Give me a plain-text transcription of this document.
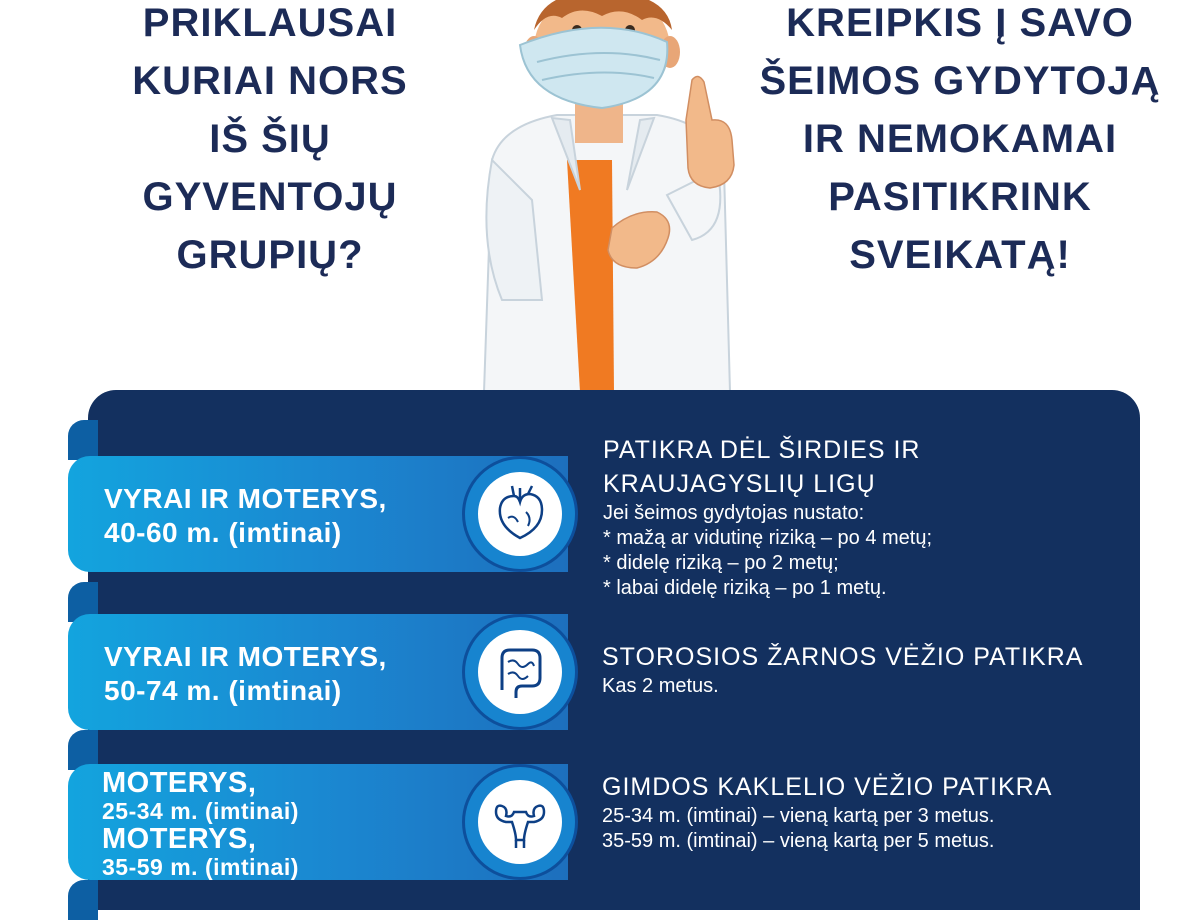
PRIKLAUSAI
KURIAI NORS
IŠ ŠIŲ
GYVENTOJŲ
GRUPIŲ?
KREIPKIS Į SAVO
ŠEIMOS GYDYTOJĄ
IR NEMOKAMAI
PASITIKRINK
SVEIKATĄ!
VYRAI IR MOTERYS,
40-60 m. (imtinai)
PATIKRA DĖL ŠIRDIES IR
KRAUJAGYSLIŲ LIGŲ
Jei šeimos gydytojas nustato:
* mažą ar vidutinę riziką – po 4 metų;
* didelę riziką – po 2 metų;
* labai didelę riziką – po 1 metų.
VYRAI IR MOTERYS,
50-74 m. (imtinai)
STOROSIOS ŽARNOS VĖŽIO PATIKRA
Kas 2 metus.
MOTERYS,
25-34 m. (imtinai)
MOTERYS,
35-59 m. (imtinai)
GIMDOS KAKLELIO VĖŽIO PATIKRA
25-34 m. (imtinai) – vieną kartą per 3 metus.
35-59 m. (imtinai) – vieną kartą per 5 metus.
